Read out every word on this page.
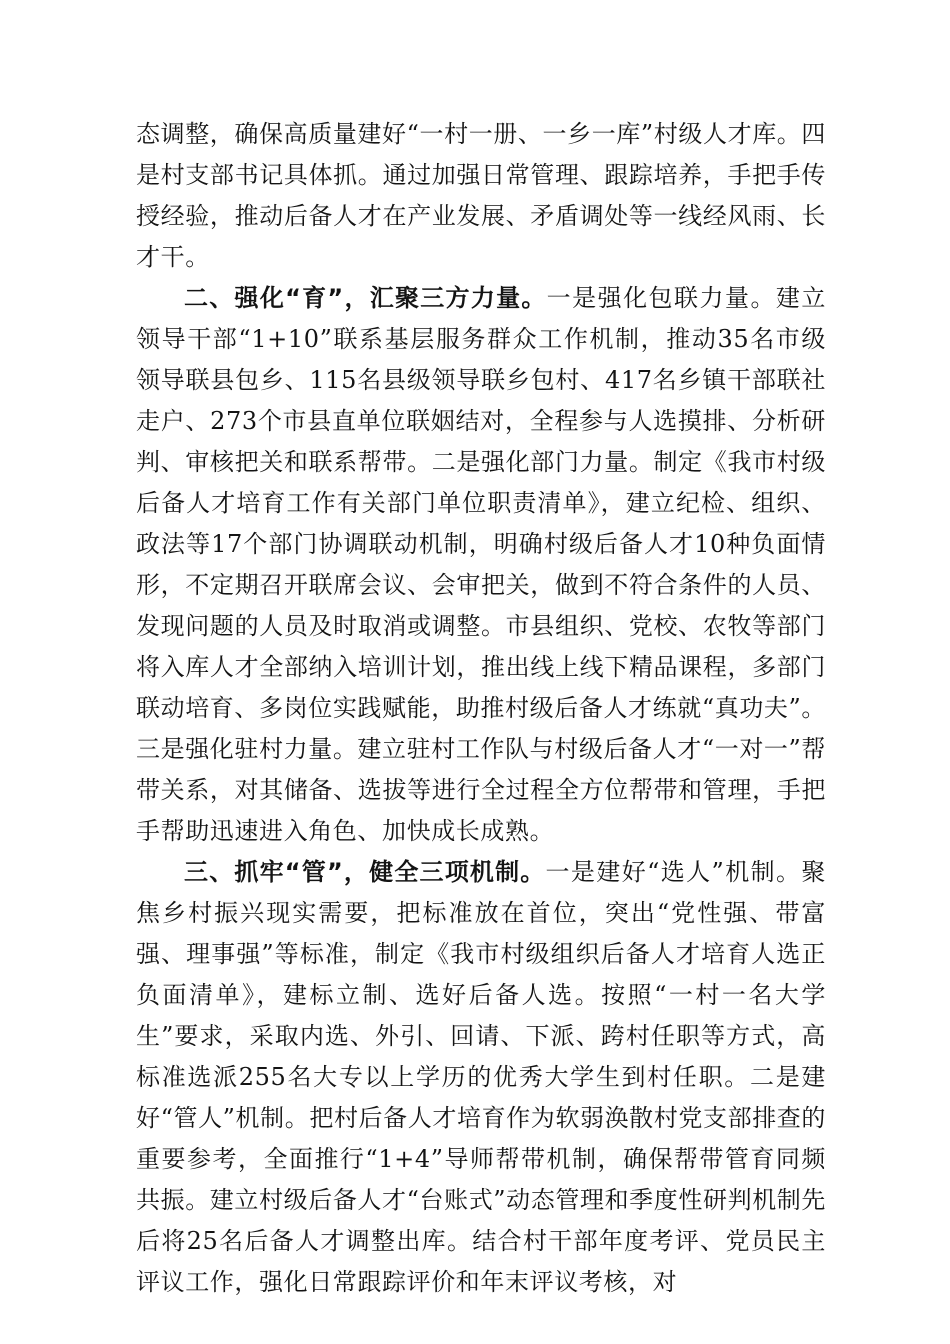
态调整，确保高质量建好“一村一册、一乡一库”村级人才库。四是村支部书记具体抓。通过加强日常管理、跟踪培养，手把手传授经验，推动后备人才在产业发展、矛盾调处等一线经风雨、长才干。

二、强化“育”，汇聚三方力量。一是强化包联力量。建立领导干部“1+10”联系基层服务群众工作机制，推动35名市级领导联县包乡、115名县级领导联乡包村、417名乡镇干部联社走户、273个市县直单位联姻结对，全程参与人选摸排、分析研判、审核把关和联系帮带。二是强化部门力量。制定《我市村级后备人才培育工作有关部门单位职责清单》，建立纪检、组织、政法等17个部门协调联动机制，明确村级后备人才10种负面情形，不定期召开联席会议、会审把关，做到不符合条件的人员、发现问题的人员及时取消或调整。市县组织、党校、农牧等部门将入库人才全部纳入培训计划，推出线上线下精品课程，多部门联动培育、多岗位实践赋能，助推村级后备人才练就“真功夫”。三是强化驻村力量。建立驻村工作队与村级后备人才“一对一”帮带关系，对其储备、选拔等进行全过程全方位帮带和管理，手把手帮助迅速进入角色、加快成长成熟。

三、抓牢“管”，健全三项机制。一是建好“选人”机制。聚焦乡村振兴现实需要，把标准放在首位，突出“党性强、带富强、理事强”等标准，制定《我市村级组织后备人才培育人选正负面清单》，建标立制、选好后备人选。按照“一村一名大学生”要求，采取内选、外引、回请、下派、跨村任职等方式，高标准选派255名大专以上学历的优秀大学生到村任职。二是建好“管人”机制。把村后备人才培育作为软弱涣散村党支部排查的重要参考，全面推行“1+4”导师帮带机制，确保帮带管育同频共振。建立村级后备人才“台账式”动态管理和季度性研判机制先后将25名后备人才调整出库。结合村干部年度考评、党员民主评议工作，强化日常跟踪评价和年末评议考核，对
